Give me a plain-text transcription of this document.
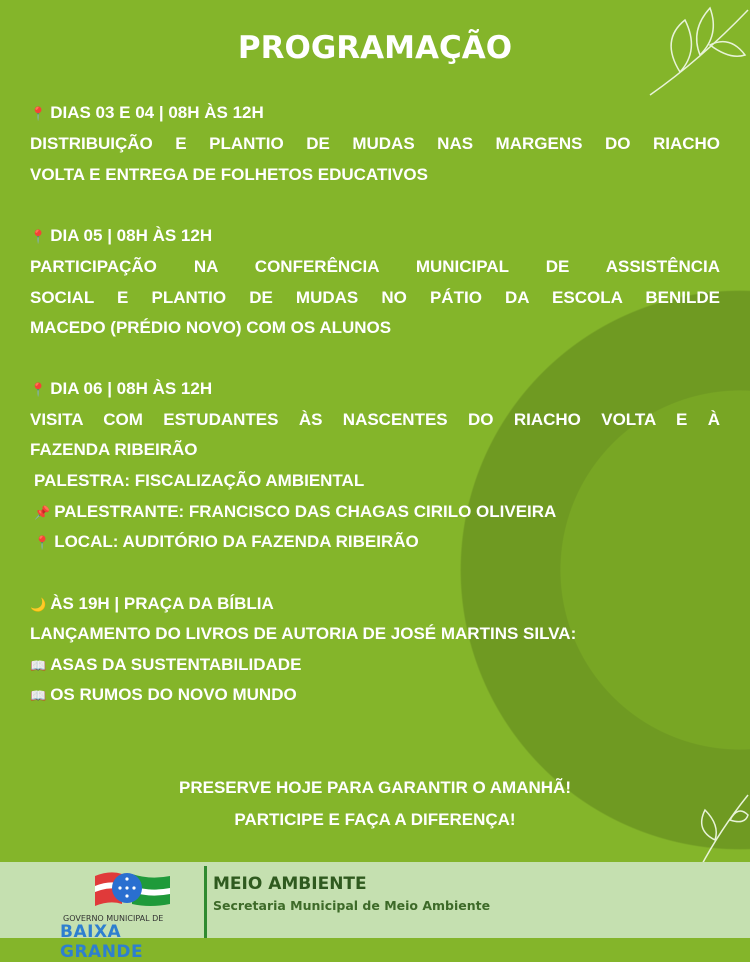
PROGRAMAÇÃO
📍 DIAS 03 E 04 | 08H ÀS 12H
DISTRIBUIÇÃO E PLANTIO DE MUDAS NAS MARGENS DO RIACHO
VOLTA E ENTREGA DE FOLHETOS EDUCATIVOS
📍 DIA 05 | 08H ÀS 12H
PARTICIPAÇÃO NA CONFERÊNCIA MUNICIPAL DE ASSISTÊNCIA
SOCIAL E PLANTIO DE MUDAS NO PÁTIO DA ESCOLA BENILDE
MACEDO (PRÉDIO NOVO) COM OS ALUNOS
📍 DIA 06 | 08H ÀS 12H
VISITA COM ESTUDANTES ÀS NASCENTES DO RIACHO VOLTA E À
FAZENDA RIBEIRÃO
PALESTRA: FISCALIZAÇÃO AMBIENTAL
📌 PALESTRANTE: FRANCISCO DAS CHAGAS CIRILO OLIVEIRA
📍 LOCAL: AUDITÓRIO DA FAZENDA RIBEIRÃO
🌙 ÀS 19H | PRAÇA DA BÍBLIA
LANÇAMENTO DO LIVROS DE AUTORIA DE JOSÉ MARTINS SILVA:
📖 ASAS DA SUSTENTABILIDADE
📖 OS RUMOS DO NOVO MUNDO
PRESERVE HOJE PARA GARANTIR O AMANHÃ!
PARTICIPE E FAÇA A DIFERENÇA!
GOVERNO MUNICIPAL DE
BAIXA GRANDE
MEIO AMBIENTE
Secretaria Municipal de Meio Ambiente
